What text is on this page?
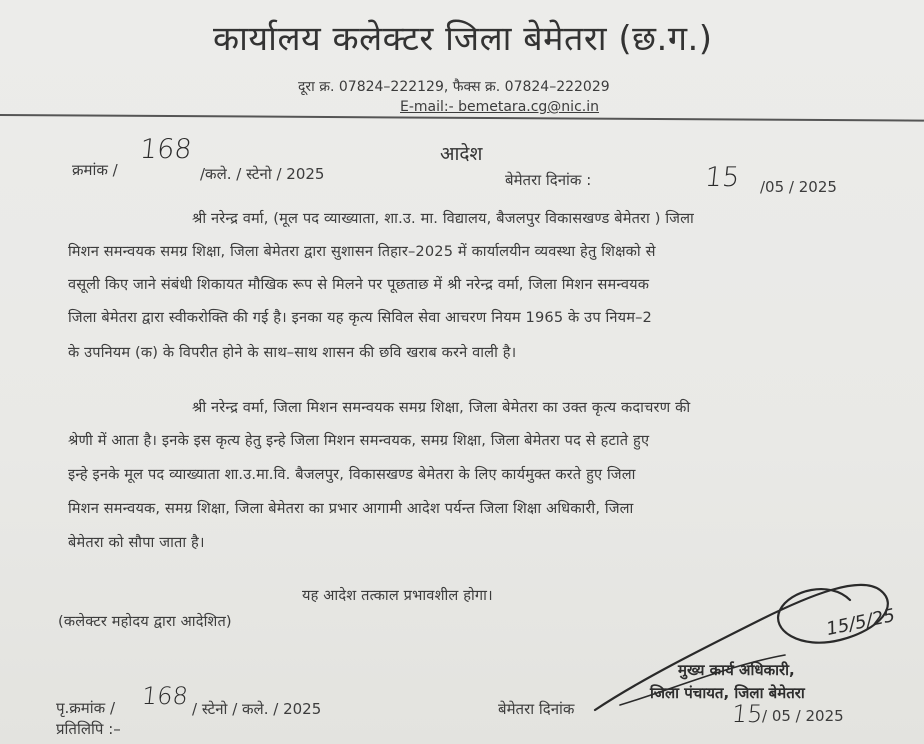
कार्यालय कलेक्टर जिला बेमेतरा (छ.ग.)
दूरा क्र. 07824–222129, फैक्स क्र. 07824–222029
E-mail:- bemetara.cg@nic.in
आदेश
क्रमांक /
168
/कले. / स्टेनो / 2025	बेमेतरा दिनांक :	15 /05 / 2025
श्री नरेन्द्र वर्मा, (मूल पद व्याख्याता, शा.उ. मा. विद्यालय, बैजलपुर विकासखण्ड बेमेतरा ) जिला
मिशन समन्वयक समग्र शिक्षा, जिला बेमेतरा द्वारा सुशासन तिहार–2025 में कार्यालयीन व्यवस्था हेतु शिक्षको से
वसूली किए जाने संबंधी शिकायत मौखिक रूप से मिलने पर पूछताछ में श्री नरेन्द्र वर्मा, जिला मिशन समन्वयक
जिला बेमेतरा द्वारा स्वीकरोक्ति की गई है। इनका यह कृत्य सिविल सेवा आचरण नियम 1965 के उप नियम–2
के उपनियम (क) के विपरीत होने के साथ–साथ शासन की छवि खराब करने वाली है।
श्री नरेन्द्र वर्मा, जिला मिशन समन्वयक समग्र शिक्षा, जिला बेमेतरा का उक्त कृत्य कदाचरण की
श्रेणी में आता है। इनके इस कृत्य हेतु इन्हे जिला मिशन समन्वयक, समग्र शिक्षा, जिला बेमेतरा पद से हटाते हुए
इन्हे इनके मूल पद व्याख्याता शा.उ.मा.वि. बैजलपुर, विकासखण्ड बेमेतरा के लिए कार्यमुक्त करते हुए जिला
मिशन समन्वयक, समग्र शिक्षा, जिला बेमेतरा का प्रभार आगामी आदेश पर्यन्त जिला शिक्षा अधिकारी, जिला
बेमेतरा को सौपा जाता है।
यह आदेश तत्काल प्रभावशील होगा।
(कलेक्टर महोदय द्वारा आदेशित)	15/5/25
मुख्य कार्य अधिकारी,
जिला पंचायत, जिला बेमेतरा
पृ.क्रमांक / 168 / स्टेनो / कले. / 2025	बेमेतरा दिनांक	15
/ 05 / 2025
प्रतिलिपि :–
